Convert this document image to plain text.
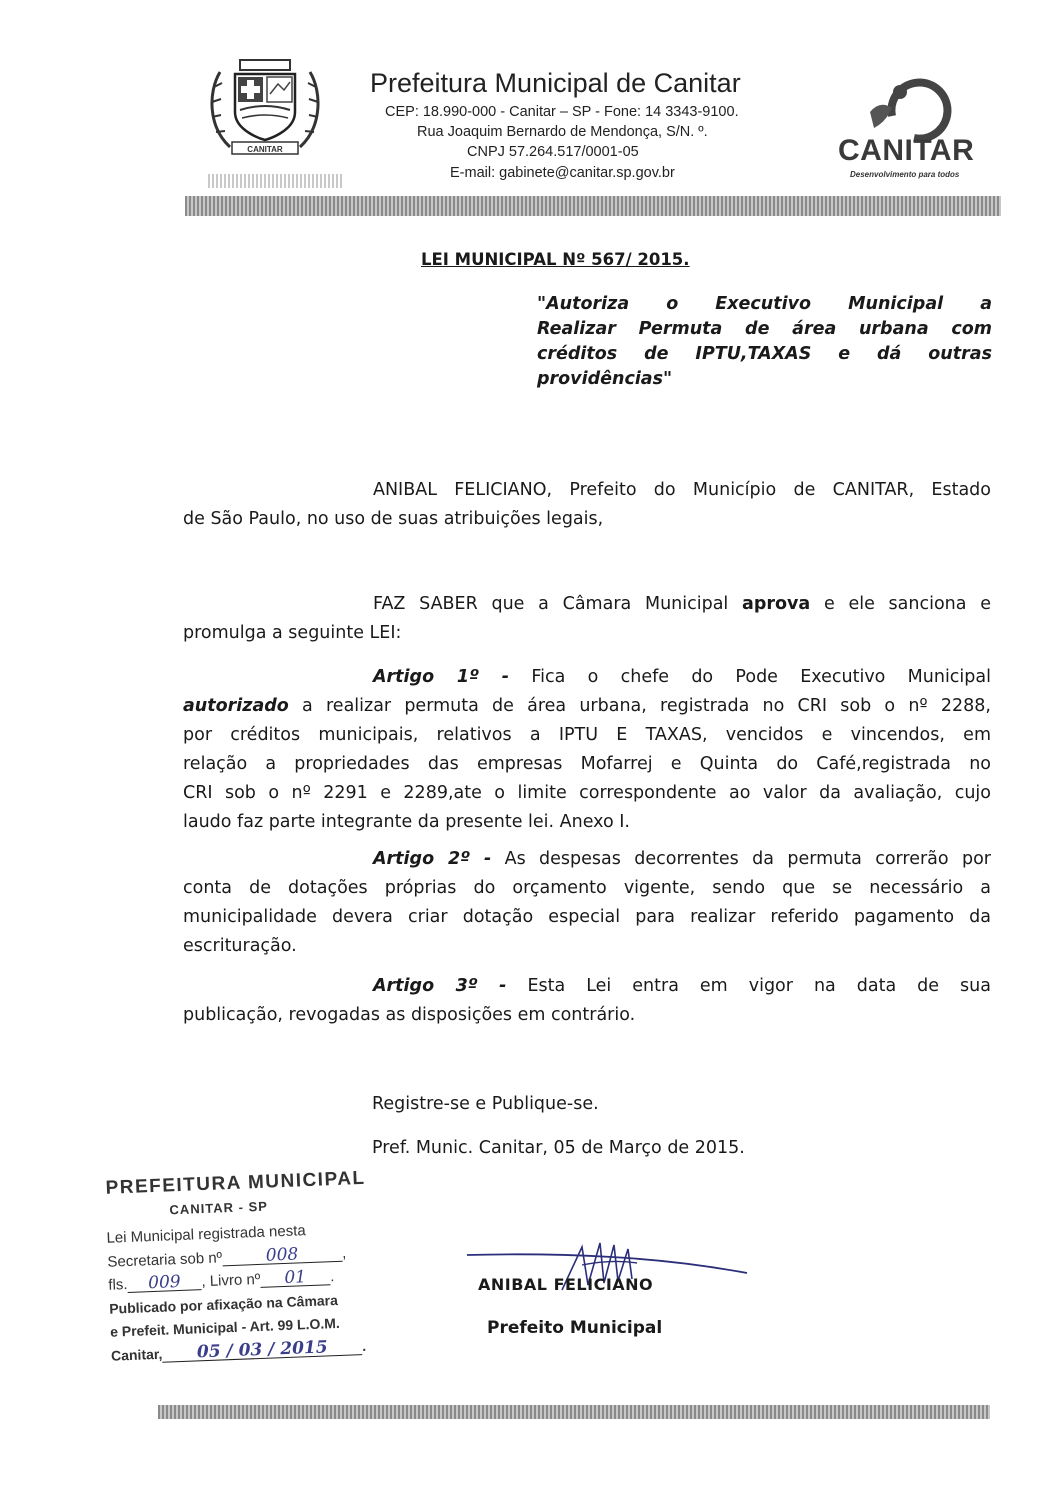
CANITAR
Prefeitura Municipal de Canitar
CEP: 18.990-000 - Canitar – SP - Fone: 14 3343-9100.
Rua Joaquim Bernardo de Mendonça, S/N. º.
CNPJ 57.264.517/0001-05
E-mail: gabinete@canitar.sp.gov.br
CANITAR
Desenvolvimento para todos
LEI MUNICIPAL Nº 567/ 2015.
"Autoriza o Executivo Municipal a
Realizar Permuta de área urbana com
créditos de IPTU,TAXAS e dá outras
providências"
ANIBAL FELICIANO, Prefeito do Município de CANITAR, Estado
de São Paulo, no uso de suas atribuições legais,
FAZ SABER que a Câmara Municipal aprova e ele sanciona e
promulga a seguinte LEI:
Artigo 1º - Fica o chefe do Pode Executivo Municipal
autorizado a realizar permuta de área urbana, registrada no CRI sob o nº 2288,
por créditos municipais, relativos a IPTU E TAXAS, vencidos e vincendos, em
relação a propriedades das empresas Mofarrej e Quinta do Café,registrada no
CRI sob o nº 2291 e 2289,ate o limite correspondente ao valor da avaliação, cujo
laudo faz parte integrante da presente lei. Anexo I.
Artigo 2º - As despesas decorrentes da permuta correrão por
conta de dotações próprias do orçamento vigente, sendo que se necessário a
municipalidade devera criar dotação especial para realizar referido pagamento da
escrituração.
Artigo 3º - Esta Lei entra em vigor na data de sua
publicação, revogadas as disposições em contrário.
Registre-se e Publique-se.
Pref. Munic. Canitar, 05 de Março de 2015.
PREFEITURA MUNICIPAL
CANITAR - SP
Lei Municipal registrada nesta
Secretaria sob nº	008	,
fls. 009 , Livro nº 01 .
Publicado por afixação na Câmara
e Prefeit. Municipal - Art. 99 L.O.M.
Canitar, 05 / 03 / 2015 .
ANIBAL FELICIANO
Prefeito Municipal
